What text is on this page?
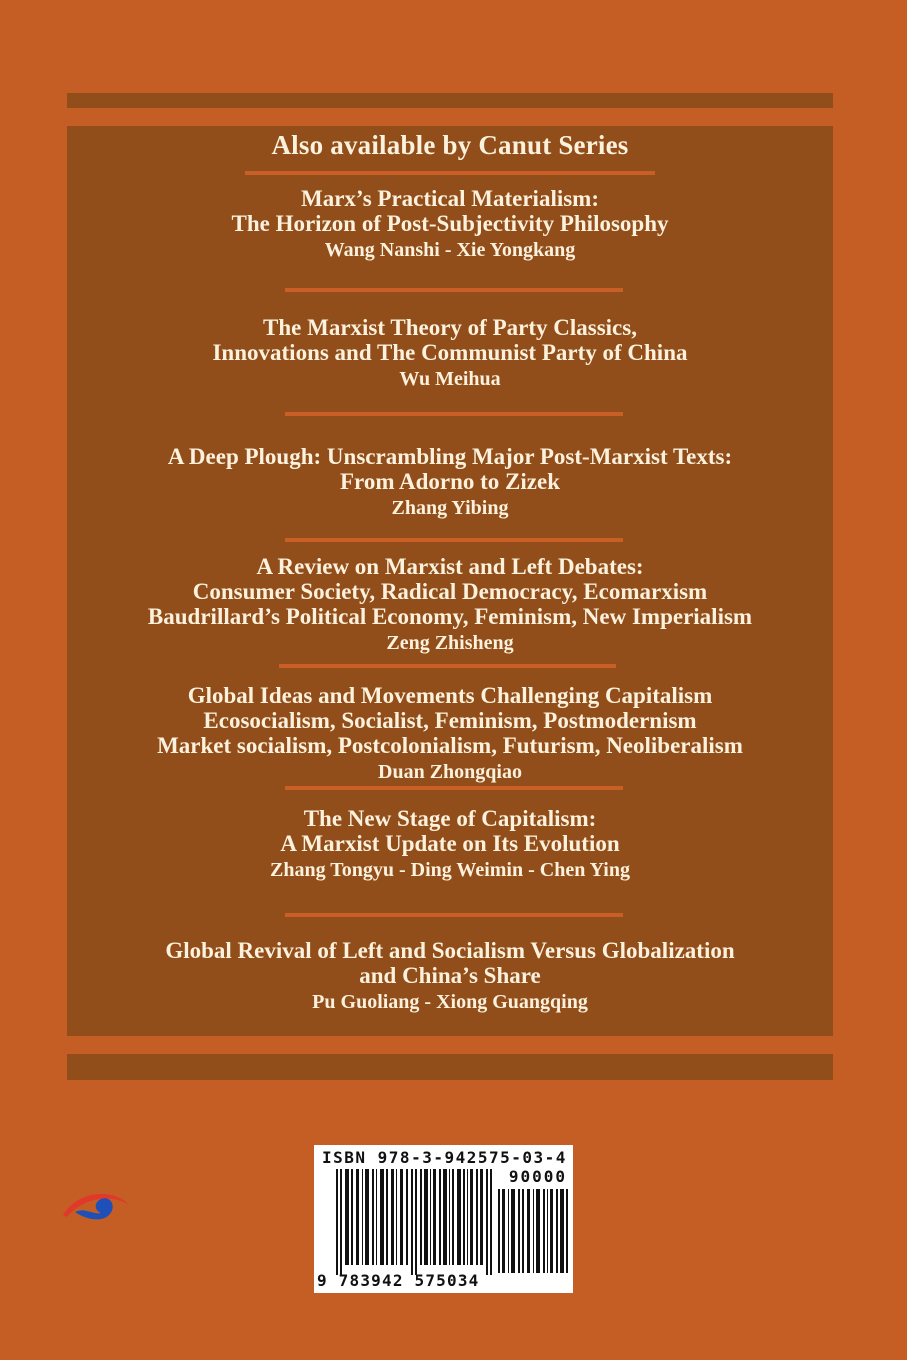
Also available by Canut Series
Marx’s Practical Materialism:
The Horizon of Post-Subjectivity Philosophy
Wang Nanshi - Xie Yongkang
The Marxist Theory of Party Classics,
Innovations and The Communist Party of China
Wu Meihua
A Deep Plough: Unscrambling Major Post-Marxist Texts:
From Adorno to Zizek
Zhang Yibing
A Review on Marxist and Left Debates:
Consumer Society, Radical Democracy, Ecomarxism
Baudrillard’s Political Economy, Feminism, New Imperialism
Zeng Zhisheng
Global Ideas and Movements Challenging Capitalism
Ecosocialism, Socialist, Feminism, Postmodernism
Market socialism, Postcolonialism, Futurism, Neoliberalism
Duan Zhongqiao
The New Stage of Capitalism:
A Marxist Update on Its Evolution
Zhang Tongyu - Ding Weimin - Chen Ying
Global Revival of Left and Socialism Versus Globalization
and China’s Share
Pu Guoliang - Xiong Guangqing
ISBN 978-3-942575-03-4
90000
9 783942 575034
